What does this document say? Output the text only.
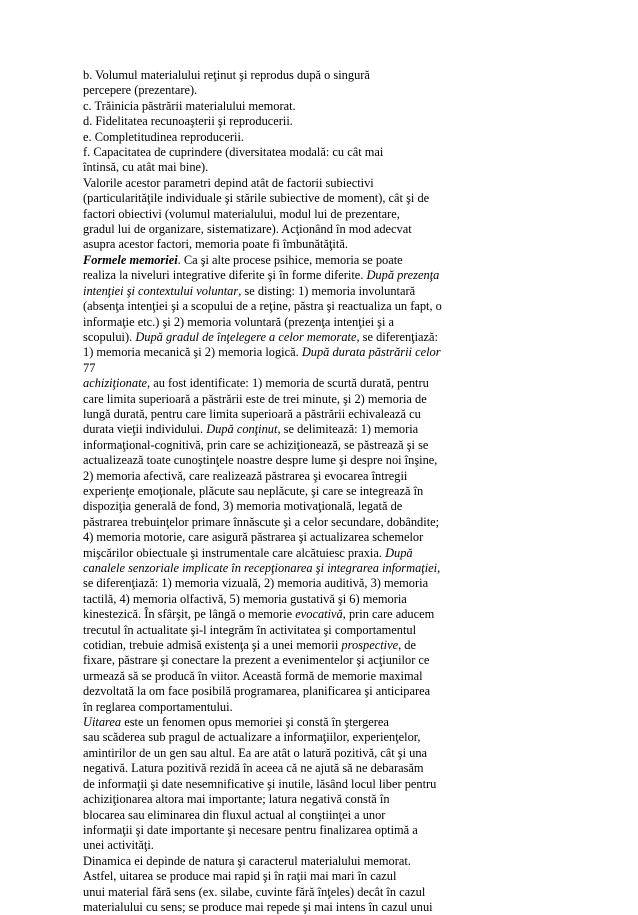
b. Volumul materialului reţinut şi reprodus după o singură
percepere (prezentare).
c. Trăinicia păstrării materialului memorat.
d. Fidelitatea recunoaşterii şi reproducerii.
e. Completitudinea reproducerii.
f. Capacitatea de cuprindere (diversitatea modală: cu cât mai
întinsă, cu atât mai bine).
Valorile acestor parametri depind atât de factorii subiectivi
(particularităţile individuale şi stările subiective de moment), cât şi de
factori obiectivi (volumul materialului, modul lui de prezentare,
gradul lui de organizare, sistematizare). Acţionând în mod adecvat
asupra acestor factori, memoria poate fi îmbunătăţită.
Formele memoriei. Ca şi alte procese psihice, memoria se poate
realiza la niveluri integrative diferite şi în forme diferite. După prezenţa
intenţiei şi contextului voluntar, se disting: 1) memoria involuntară
(absenţa intenţiei şi a scopului de a reţine, păstra şi reactualiza un fapt, o
informaţie etc.) şi 2) memoria voluntară (prezenţa intenţiei şi a
scopului). După gradul de înţelegere a celor memorate, se diferenţiază:
1) memoria mecanică şi 2) memoria logică. După durata păstrării celor
77
achiziţionate, au fost identificate: 1) memoria de scurtă durată, pentru
care limita superioară a păstrării este de trei minute, şi 2) memoria de
lungă durată, pentru care limita superioară a păstrării echivalează cu
durata vieţii individului. După conţinut, se delimitează: 1) memoria
informaţional-cognitivă, prin care se achiziţionează, se păstrează şi se
actualizează toate cunoştinţele noastre despre lume şi despre noi înşine,
2) memoria afectivă, care realizează păstrarea şi evocarea întregii
experienţe emoţionale, plăcute sau neplăcute, şi care se integrează în
dispoziţia generală de fond, 3) memoria motivaţională, legată de
păstrarea trebuinţelor primare înnăscute şi a celor secundare, dobândite;
4) memoria motorie, care asigură păstrarea şi actualizarea schemelor
mişcărilor obiectuale şi instrumentale care alcătuiesc praxia. După
canalele senzoriale implicate în recepţionarea şi integrarea informaţiei,
se diferenţiază: 1) memoria vizuală, 2) memoria auditivă, 3) memoria
tactilă, 4) memoria olfactivă, 5) memoria gustativă şi 6) memoria
kinestezică. În sfârşit, pe lângă o memorie evocativă, prin care aducem
trecutul în actualitate şi-l integrăm în activitatea şi comportamentul
cotidian, trebuie admisă existenţa şi a unei memorii prospective, de
fixare, păstrare şi conectare la prezent a evenimentelor şi acţiunilor ce
urmează să se producă în viitor. Această formă de memorie maximal
dezvoltată la om face posibilă programarea, planificarea şi anticiparea
în reglarea comportamentului.
Uitarea este un fenomen opus memoriei şi constă în ştergerea
sau scăderea sub pragul de actualizare a informaţiilor, experienţelor,
amintirilor de un gen sau altul. Ea are atât o latură pozitivă, cât şi una
negativă. Latura pozitivă rezidă în aceea că ne ajută să ne debarasăm
de informaţii şi date nesemnificative şi inutile, lăsând locul liber pentru
achiziţionarea altora mai importante; latura negativă constă în
blocarea sau eliminarea din fluxul actual al conştiinţei a unor
informaţii şi date importante şi necesare pentru finalizarea optimă a
unei activităţi.
Dinamica ei depinde de natura şi caracterul materialului memorat.
Astfel, uitarea se produce mai rapid şi în raţii mai mari în cazul
unui material fără sens (ex. silabe, cuvinte fără înţeles) decât în cazul
materialului cu sens; se produce mai repede şi mai intens în cazul unui
